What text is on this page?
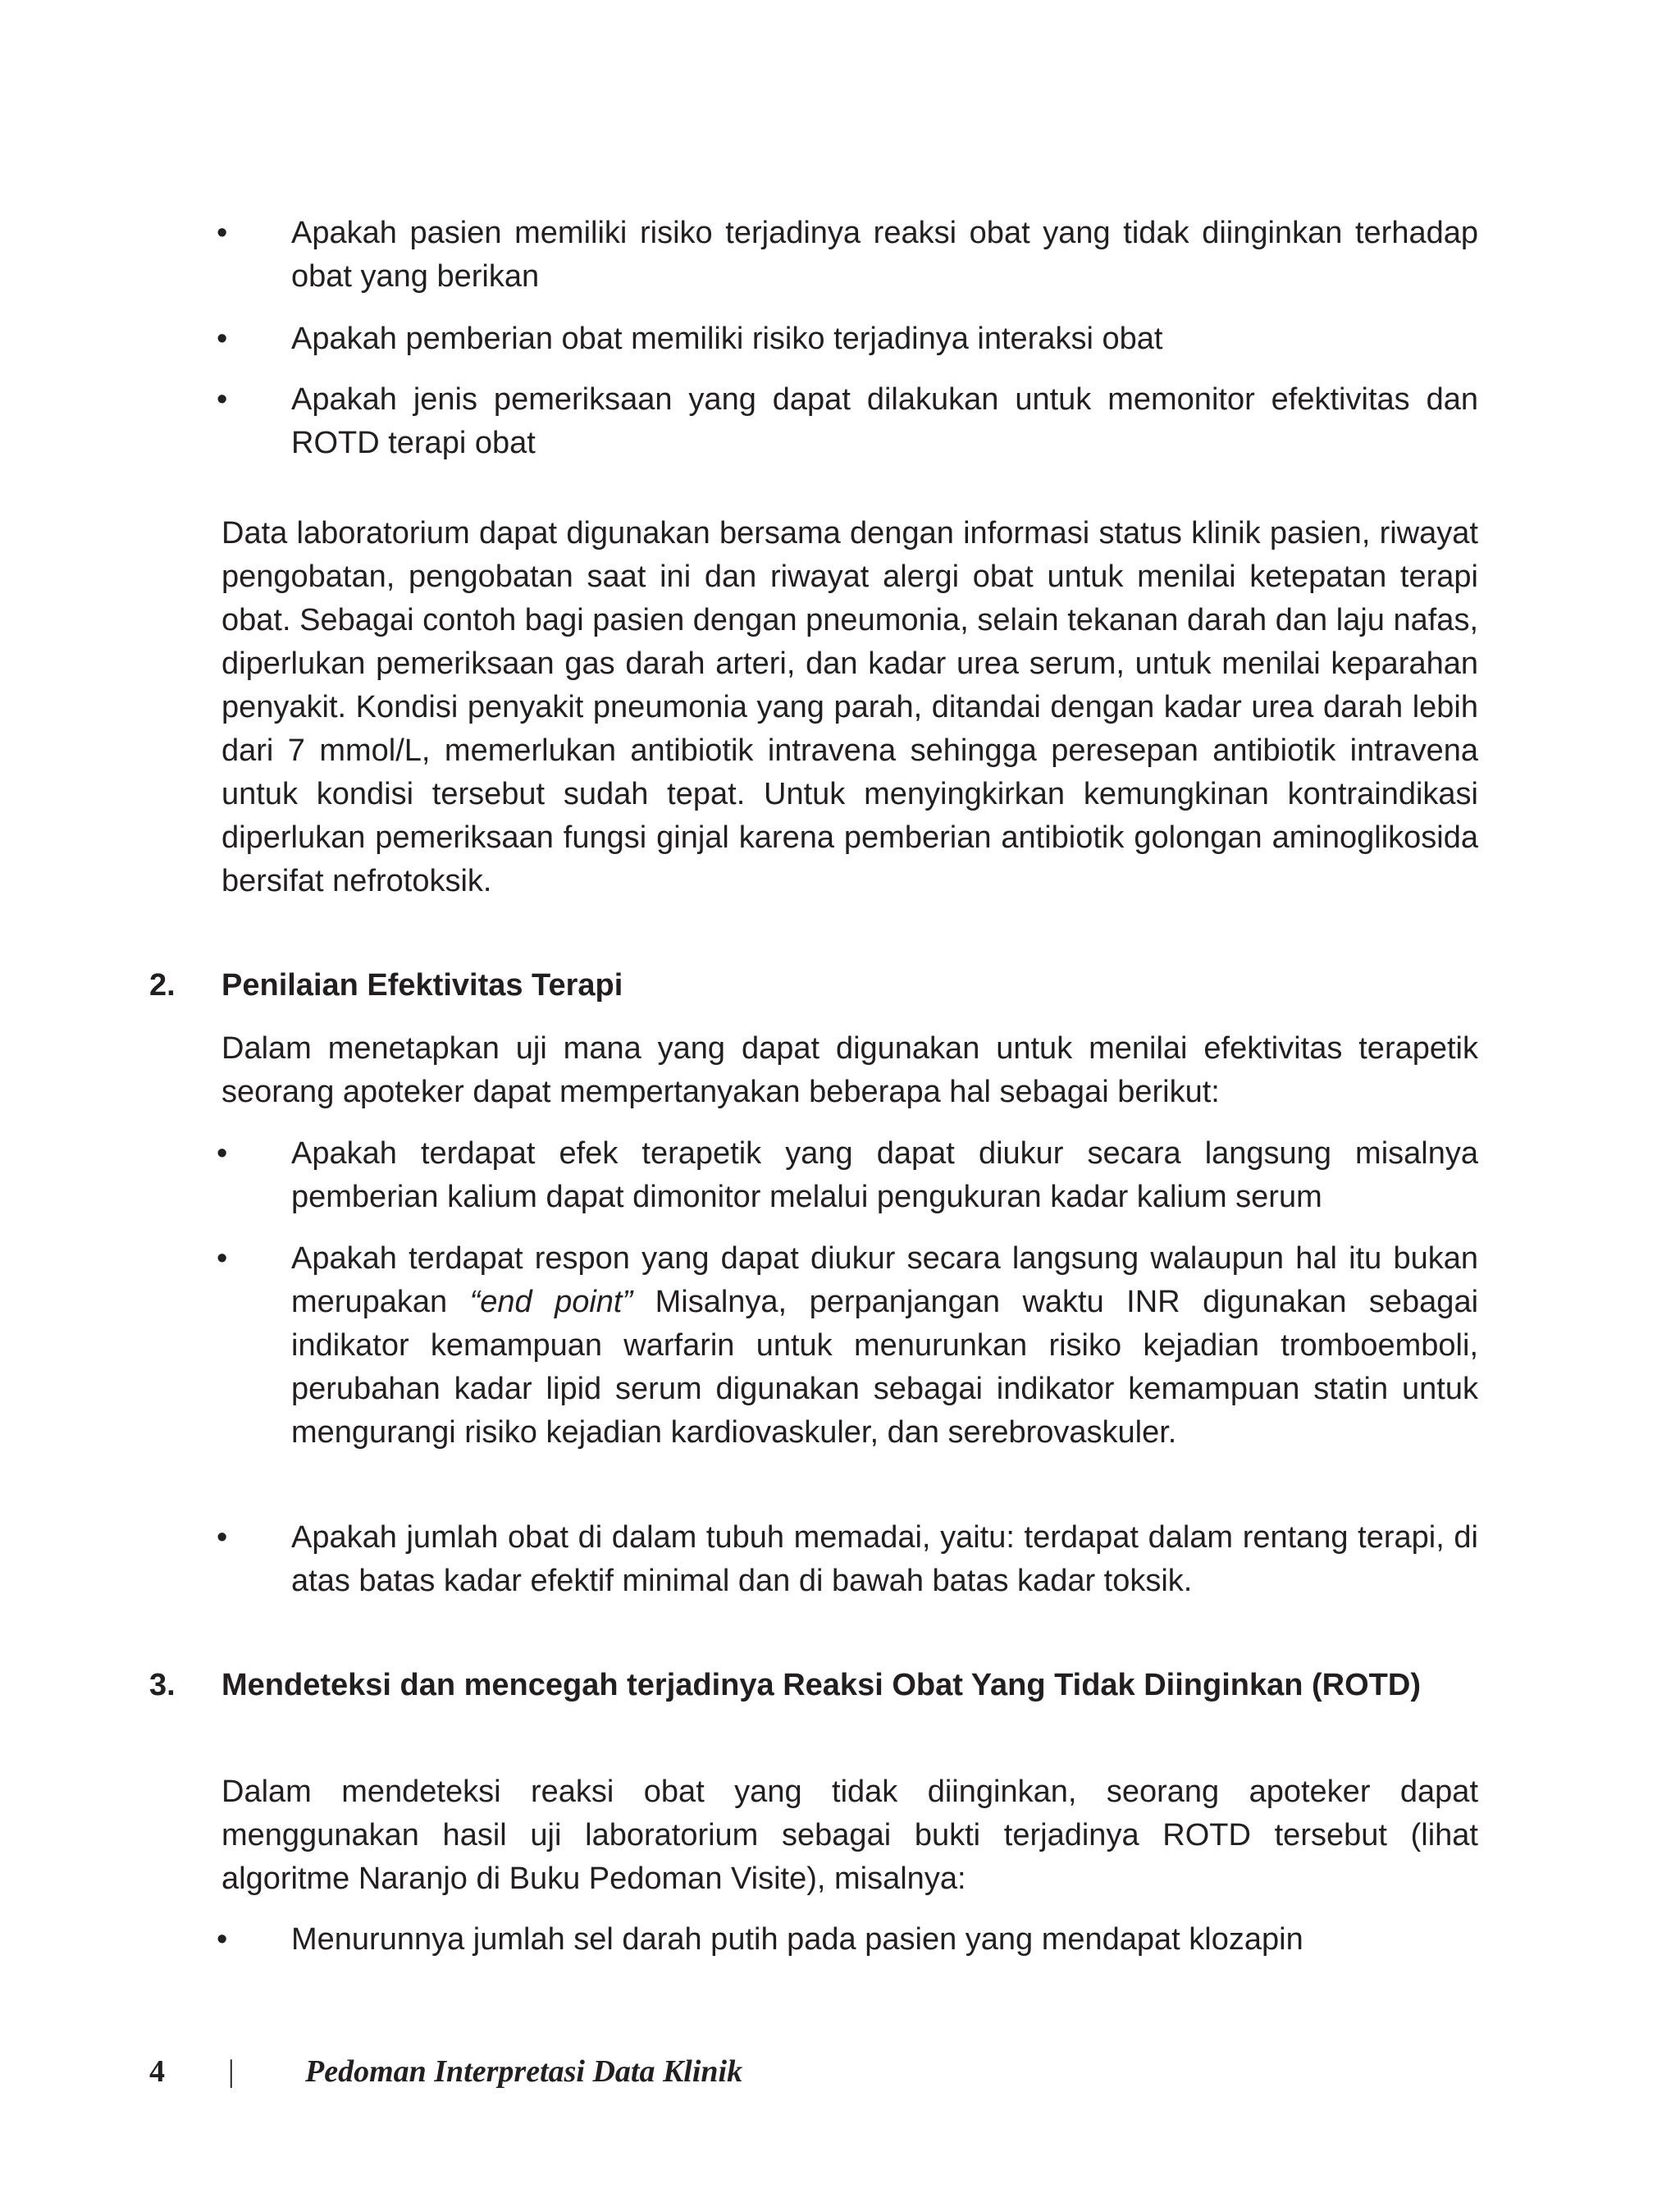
•	Apakah pasien memiliki risiko terjadinya reaksi obat yang tidak diinginkan terhadap obat yang berikan
•	Apakah pemberian obat memiliki risiko terjadinya interaksi obat
•	Apakah jenis pemeriksaan yang dapat dilakukan untuk memonitor efektivitas dan ROTD terapi obat

Data laboratorium dapat digunakan bersama dengan informasi status klinik pasien, riwayat pengobatan, pengobatan saat ini dan riwayat alergi obat untuk menilai ketepatan terapi obat. Sebagai contoh bagi pasien dengan pneumonia, selain tekanan darah dan laju nafas, diperlukan pemeriksaan gas darah arteri, dan kadar urea serum, untuk menilai keparahan penyakit. Kondisi penyakit pneumonia yang parah, ditandai dengan kadar urea darah lebih dari 7 mmol/L, memerlukan antibiotik intravena sehingga peresepan antibiotik intravena untuk kondisi tersebut sudah tepat. Untuk menyingkirkan kemungkinan kontraindikasi diperlukan pemeriksaan fungsi ginjal karena pemberian antibiotik golongan aminoglikosida bersifat nefrotoksik.

2. Penilaian Efektivitas Terapi

Dalam menetapkan uji mana yang dapat digunakan untuk menilai efektivitas terapetik seorang apoteker dapat mempertanyakan beberapa hal sebagai berikut:

•	Apakah terdapat efek terapetik yang dapat diukur secara langsung misalnya pemberian kalium dapat dimonitor melalui pengukuran kadar kalium serum
•	Apakah terdapat respon yang dapat diukur secara langsung walaupun hal itu bukan merupakan “end point” Misalnya, perpanjangan waktu INR digunakan sebagai indikator kemampuan warfarin untuk menurunkan risiko kejadian tromboemboli, perubahan kadar lipid serum digunakan sebagai indikator kemampuan statin untuk mengurangi risiko kejadian kardiovaskuler, dan serebrovaskuler.
•	Apakah jumlah obat di dalam tubuh memadai, yaitu: terdapat dalam rentang terapi, di atas batas kadar efektif minimal dan di bawah batas kadar toksik.
3. Mendeteksi dan mencegah terjadinya Reaksi Obat Yang Tidak Diinginkan (ROTD)

Dalam mendeteksi reaksi obat yang tidak diinginkan, seorang apoteker dapat menggunakan hasil uji laboratorium sebagai bukti terjadinya ROTD tersebut (lihat algoritme Naranjo di Buku Pedoman Visite), misalnya:

•	Menurunnya jumlah sel darah putih pada pasien yang mendapat klozapin
4 | Pedoman Interpretasi Data Klinik
